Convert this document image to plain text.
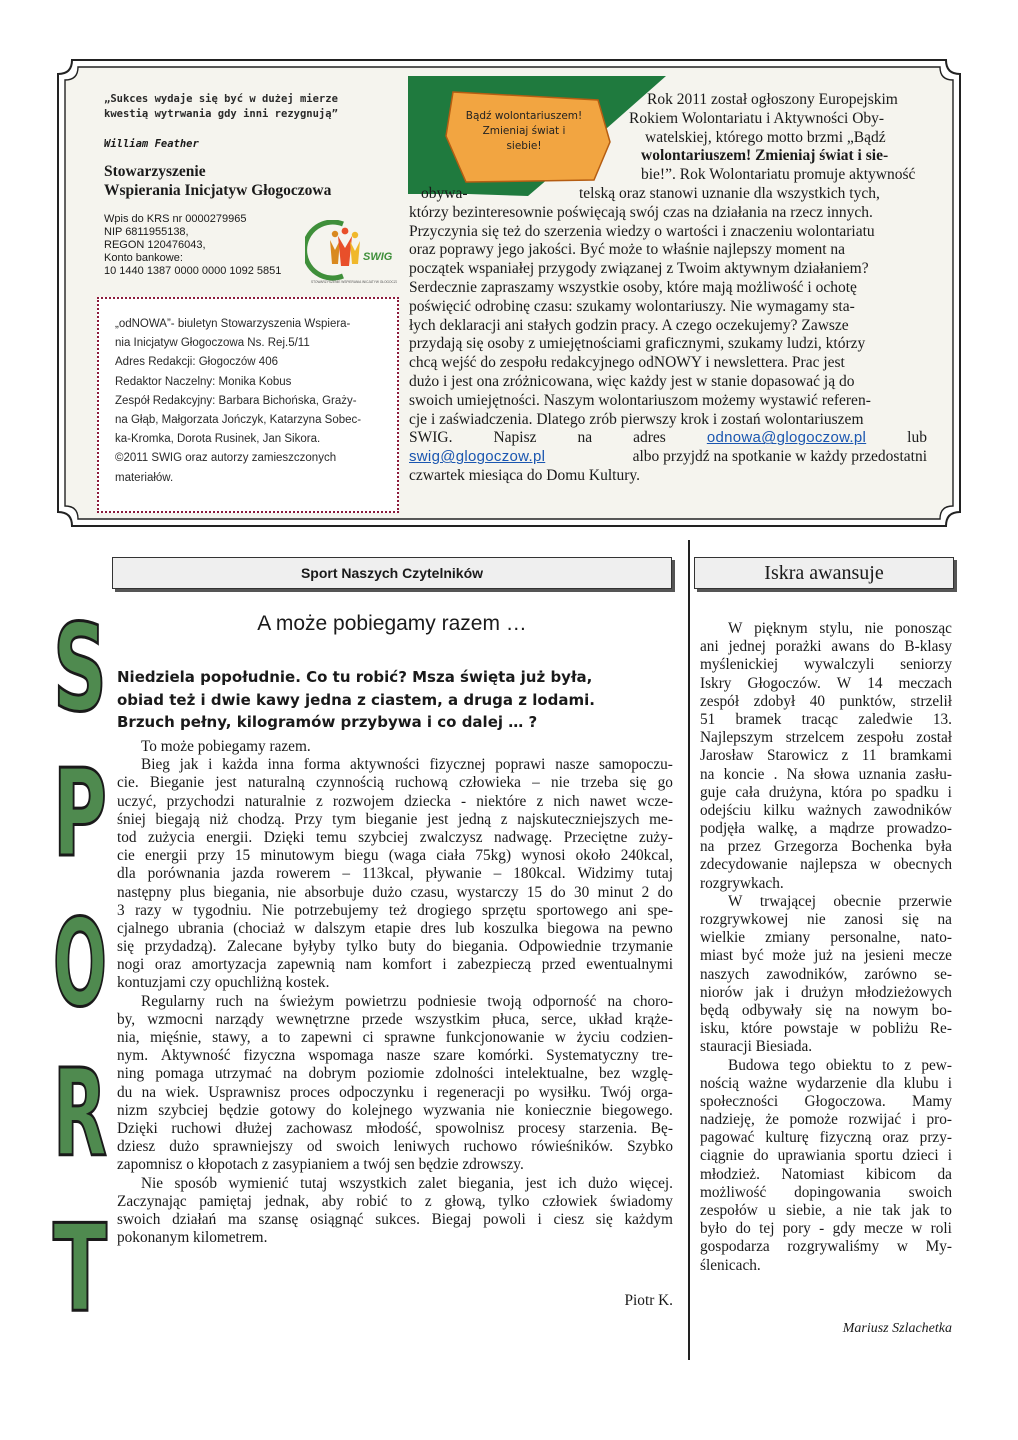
„Sukces wydaje się być w dużej mierze
kwestią wytrwania gdy inni rezygnują”
William Feather
Stowarzyszenie
Wspierania Inicjatyw Głogoczowa
Wpis do KRS nr 0000279965
NIP 6811955138,
REGON 120476043,
Konto bankowe:
10 1440 1387 0000 0000 1092 5851
SWIG
STOWARZYSZENIE WSPIERANIA INICJATYW GŁOGOCZOWA
„odNOWA”- biuletyn Stowarzyszenia Wspiera-
nia Inicjatyw Głogoczowa Ns. Rej.5/11
Adres Redakcji: Głogoczów 406
Redaktor Naczelny: Monika Kobus
Zespół Redakcyjny: Barbara Bichońska, Graży-
na Głąb, Małgorzata Jończyk, Katarzyna Sobec-
ka-Kromka, Dorota Rusinek, Jan Sikora.
©2011 SWIG oraz autorzy zamieszczonych
materiałów.
Bądź wolontariuszem!
Zmieniaj świat i
siebie!
Rok 2011 został ogłoszony Europejskim
Rokiem Wolontariatu i Aktywności Oby-
watelskiej, którego motto brzmi „Bądź
wolontariuszem! Zmieniaj świat i sie-
bie!”. Rok Wolontariatu promuje aktywność
obywa-	telską oraz stanowi uznanie dla wszystkich tych,
którzy bezinteresownie poświęcają swój czas na działania na rzecz innych.
Przyczynia się też do szerzenia wiedzy o wartości i znaczeniu wolontariatu
oraz poprawy jego jakości. Być może to właśnie najlepszy moment na
początek wspaniałej przygody związanej z Twoim aktywnym działaniem?
Serdecznie zapraszamy wszystkie osoby, które mają możliwość i ochotę
poświęcić odrobinę czasu: szukamy wolontariuszy. Nie wymagamy sta-
łych deklaracji ani stałych godzin pracy. A czego oczekujemy? Zawsze
przydają się osoby z umiejętnościami graficznymi, szukamy ludzi, którzy
chcą wejść do zespołu redakcyjnego odNOWY i newslettera. Prac jest
dużo i jest ona zróżnicowana, więc każdy jest w stanie dopasować ją do
swoich umiejętności. Naszym wolontariuszom możemy wystawić referen-
cje i zaświadczenia. Dlatego zrób pierwszy krok i zostań wolontariuszem
SWIG.	Napisz	na	adres	odnowa@glogoczow.pl	lub
swig@glogoczow.pl	albo przyjdź na spotkanie w każdy przedostatni
czwartek miesiąca do Domu Kultury.
Sport Naszych Czytelników	Iskra awansuje
S
P
O
R
T
A może pobiegamy razem …
Niedziela popołudnie. Co tu robić? Msza święta już była,
obiad też i dwie kawy jedna z ciastem, a druga z lodami.
Brzuch pełny, kilogramów przybywa i co dalej … ?
To może pobiegamy razem.
Bieg jak i każda inna forma aktywności fizycznej poprawi nasze samopoczu-
cie. Bieganie jest naturalną czynnością ruchową człowieka – nie trzeba się go
uczyć, przychodzi naturalnie z rozwojem dziecka - niektóre z nich nawet wcze-
śniej biegają niż chodzą. Przy tym bieganie jest jedną z najskuteczniejszych me-
tod zużycia energii. Dzięki temu szybciej zwalczysz nadwagę. Przeciętne zuży-
cie energii przy 15 minutowym biegu (waga ciała 75kg) wynosi około 240kcal,
dla porównania jazda rowerem – 113kcal, pływanie – 180kcal. Widzimy tutaj
następny plus biegania, nie absorbuje dużo czasu, wystarczy 15 do 30 minut 2 do
3 razy w tygodniu. Nie potrzebujemy też drogiego sprzętu sportowego ani spe-
cjalnego ubrania (chociaż w dalszym etapie dres lub koszulka biegowa na pewno
się przydadzą). Zalecane byłyby tylko buty do biegania. Odpowiednie trzymanie
nogi oraz amortyzacja zapewnią nam komfort i zabezpieczą przed ewentualnymi
kontuzjami czy opuchliżną kostek.
Regularny ruch na świeżym powietrzu podniesie twoją odporność na choro-
by, wzmocni narządy wewnętrzne przede wszystkim płuca, serce, układ krąże-
nia, mięśnie, stawy, a to zapewni ci sprawne funkcjonowanie w życiu codzien-
nym. Aktywność fizyczna wspomaga nasze szare komórki. Systematyczny tre-
ning pomaga utrzymać na dobrym poziomie zdolności intelektualne, bez wzglę-
du na wiek. Usprawnisz proces odpoczynku i regeneracji po wysiłku. Twój orga-
nizm szybciej będzie gotowy do kolejnego wyzwania nie koniecznie biegowego.
Dzięki ruchowi dłużej zachowasz młodość, spowolnisz procesy starzenia. Bę-
dziesz dużo sprawniejszy od swoich leniwych ruchowo rówieśników. Szybko
zapomnisz o kłopotach z zasypianiem a twój sen będzie zdrowszy.
Nie sposób wymienić tutaj wszystkich zalet biegania, jest ich dużo więcej.
Zaczynając pamiętaj jednak, aby robić to z głową, tylko człowiek świadomy
swoich działań ma szansę osiągnąć sukces. Biegaj powoli i ciesz się każdym
pokonanym kilometrem.
Piotr K.
W pięknym stylu, nie ponosząc
ani jednej porażki awans do B-klasy
myślenickiej wywalczyli seniorzy
Iskry Głogoczów. W 14 meczach
zespół zdobył 40 punktów, strzelił
51 bramek tracąc zaledwie 13.
Najlepszym strzelcem zespołu został
Jarosław Starowicz z 11 bramkami
na koncie . Na słowa uznania zasłu-
guje cała drużyna, która po spadku i
odejściu kilku ważnych zawodników
podjęła walkę, a mądrze prowadzo-
na przez Grzegorza Bochenka była
zdecydowanie najlepsza w obecnych
rozgrywkach.
W trwającej obecnie przerwie
rozgrywkowej nie zanosi się na
wielkie zmiany personalne, nato-
miast być może już na jesieni mecze
naszych zawodników, zarówno se-
niorów jak i drużyn młodzieżowych
będą odbywały się na nowym bo-
isku, które powstaje w pobliżu Re-
stauracji Biesiada.
Budowa tego obiektu to z pew-
nością ważne wydarzenie dla klubu i
społeczności Głogoczowa. Mamy
nadzieję, że pomoże rozwijać i pro-
pagować kulturę fizyczną oraz przy-
ciągnie do uprawiania sportu dzieci i
młodzież. Natomiast kibicom da
możliwość dopingowania swoich
zespołów u siebie, a nie tak jak to
było do tej pory - gdy mecze w roli
gospodarza rozgrywaliśmy w My-
ślenicach.
Mariusz Szlachetka
